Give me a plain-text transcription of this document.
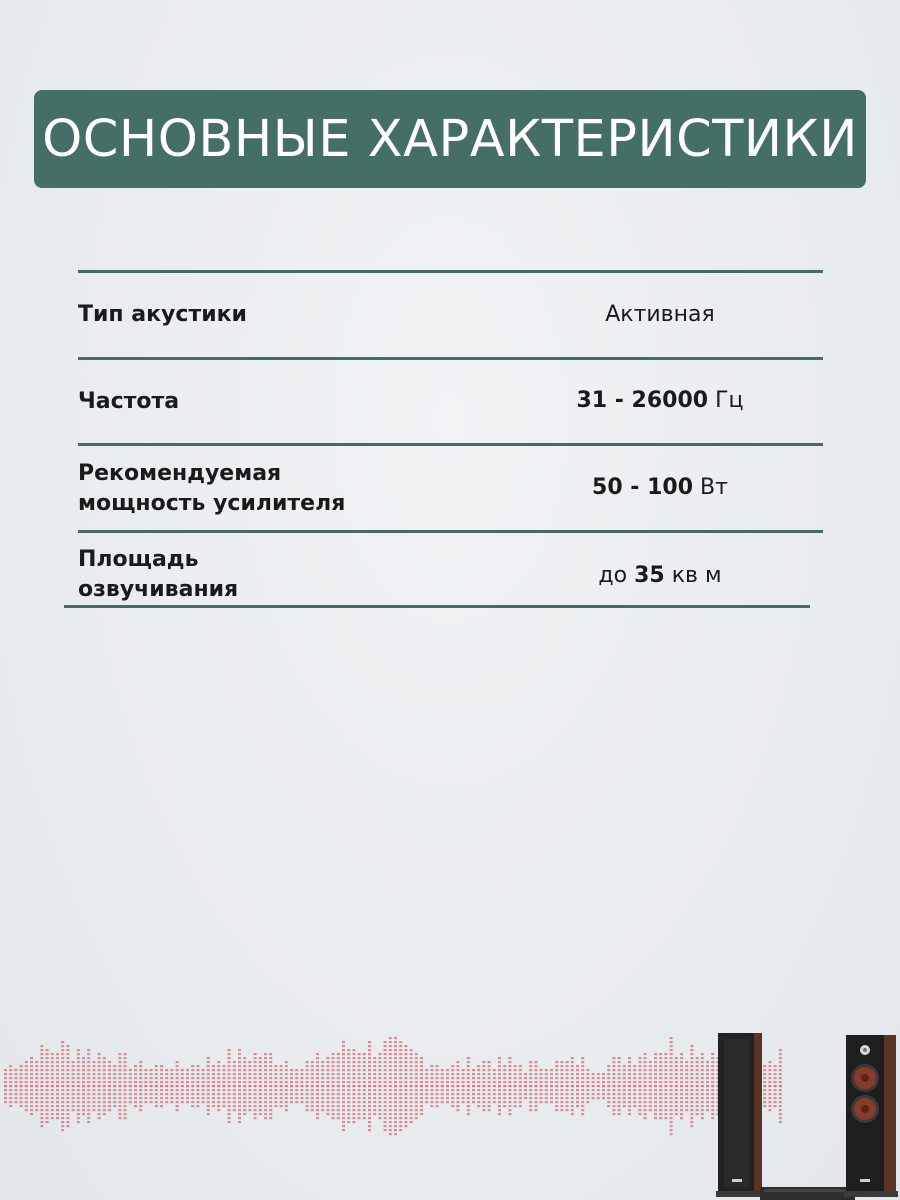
ОСНОВНЫЕ ХАРАКТЕРИСТИКИ
Тип акустики	Активная
Частота	31 - 26000 Гц
Рекомендуемая
мощность усилителя
50 - 100 Вт
Площадь
озвучивания
до 35 кв м
